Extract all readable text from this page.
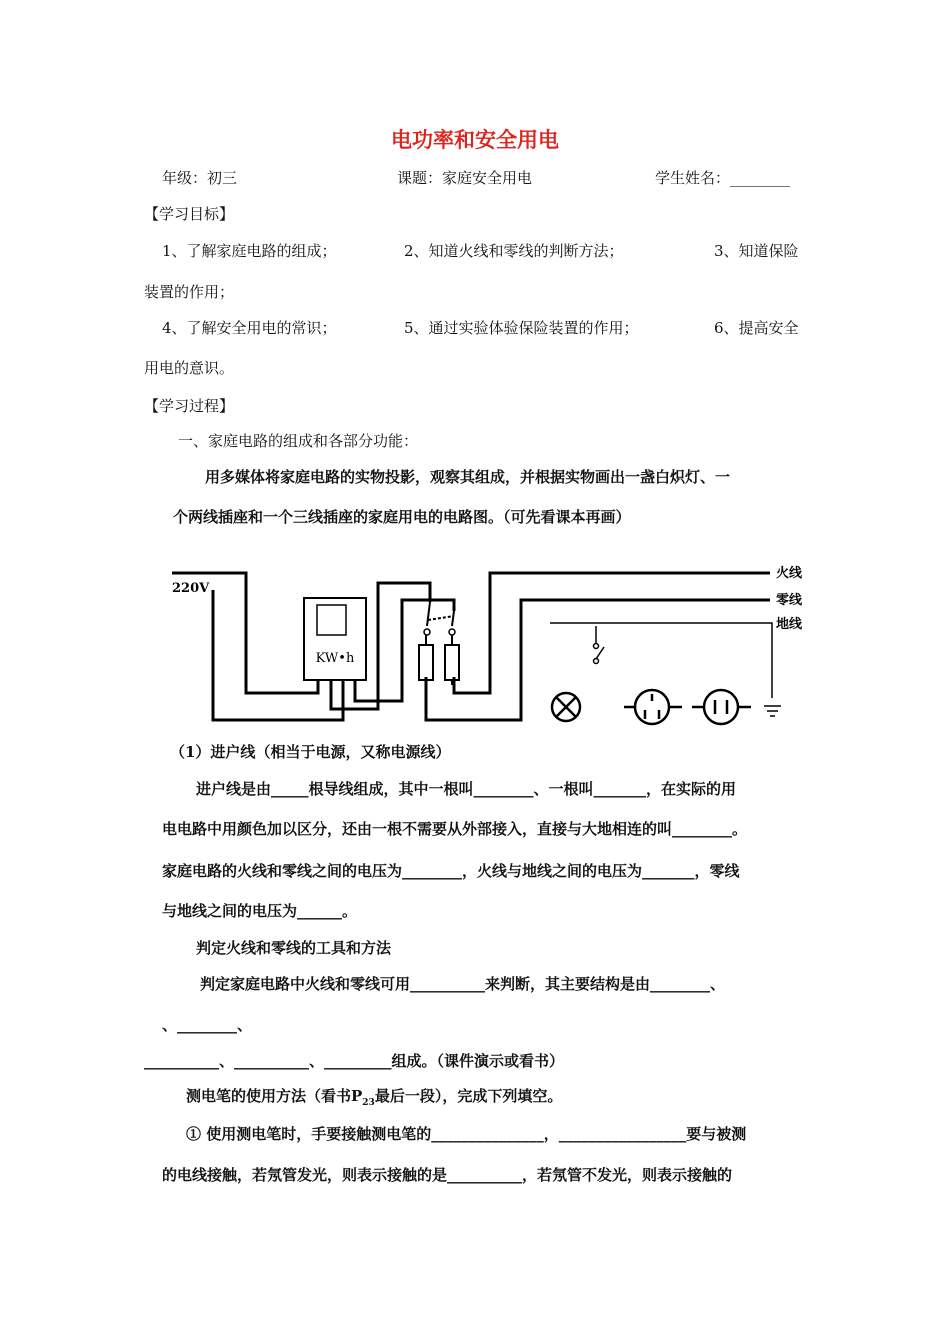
电功率和安全用电
年级：初三	课题：家庭安全用电	学生姓名：________
【学习目标】
1、了解家庭电路的组成；	2、知道火线和零线的判断方法；	3、知道保险
装置的作用；
4、了解安全用电的常识；	5、通过实验体验保险装置的作用；	6、提高安全
用电的意识。
【学习过程】
一、家庭电路的组成和各部分功能：
用多媒体将家庭电路的实物投影，观察其组成，并根据实物画出一盏白炽灯、一
个两线插座和一个三线插座的家庭用电的电路图。（可先看课本再画）
KW•h
220V
火线
零线
地线
（1）进户线（相当于电源，又称电源线）
进户线是由_____根导线组成，其中一根叫________、一根叫_______，在实际的用
电电路中用颜色加以区分，还由一根不需要从外部接入，直接与大地相连的叫________。
家庭电路的火线和零线之间的电压为________，火线与地线之间的电压为_______，零线
与地线之间的电压为______。
判定火线和零线的工具和方法
判定家庭电路中火线和零线可用__________来判断，其主要结构是由________、
、________、
__________、__________、_________组成。（课件演示或看书）
测电笔的使用方法（看书$P_{23}$最后一段），完成下列填空。
① 使用测电笔时，手要接触测电笔的_______________，_________________要与被测
的电线接触，若氖管发光，则表示接触的是__________，若氖管不发光，则表示接触的
